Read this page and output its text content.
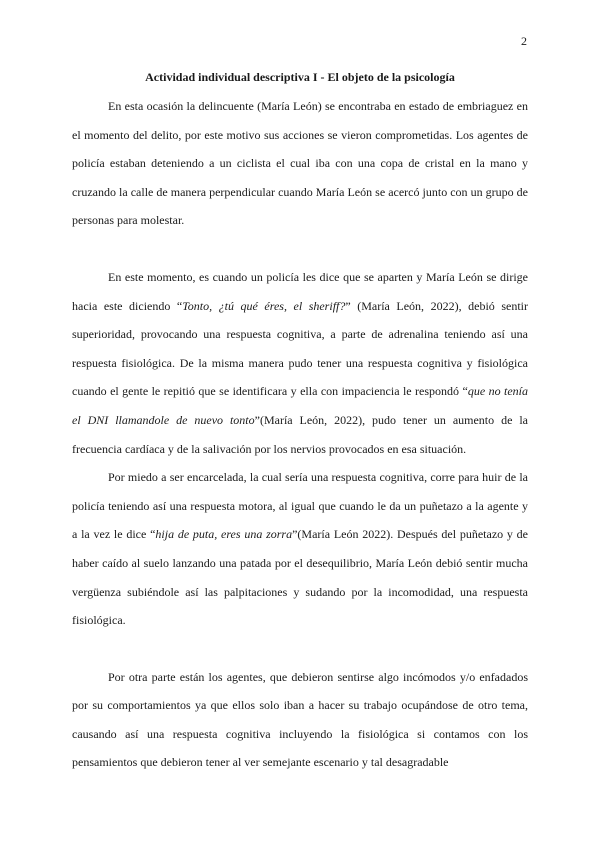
2

Actividad individual descriptiva I - El objeto de la psicología

En esta ocasión la delincuente (María León) se encontraba en estado de embriaguez en el momento del delito, por este motivo sus acciones se vieron comprometidas. Los agentes de policía estaban deteniendo a un ciclista el cual iba con una copa de cristal en la mano y cruzando la calle de manera perpendicular cuando María León se acercó junto con un grupo de personas para molestar.

En este momento, es cuando un policía les dice que se aparten y María León se dirige hacia este diciendo “Tonto, ¿tú qué éres, el sheriff?” (María León, 2022), debió sentir superioridad, provocando una respuesta cognitiva, a parte de adrenalina teniendo así una respuesta fisiológica. De la misma manera pudo tener una respuesta cognitiva y fisiológica cuando el gente le repitió que se identificara y ella con impaciencia le respondó “que no tenía el DNI llamandole de nuevo tonto”(María León, 2022), pudo tener un aumento de la frecuencia cardíaca y de la salivación por los nervios provocados en esa situación.

Por miedo a ser encarcelada, la cual sería una respuesta cognitiva, corre para huir de la policía teniendo así una respuesta motora, al igual que cuando le da un puñetazo a la agente y a la vez le dice “hija de puta, eres una zorra”(María León 2022). Después del puñetazo y de haber caído al suelo lanzando una patada por el desequilibrio, María León debió sentir mucha vergüenza subiéndole así las palpitaciones y sudando por la incomodidad, una respuesta fisiológica.

Por otra parte están los agentes, que debieron sentirse algo incómodos y/o enfadados por su comportamientos ya que ellos solo iban a hacer su trabajo ocupándose de otro tema, causando así una respuesta cognitiva incluyendo la fisiológica si contamos con los pensamientos que debieron tener al ver semejante escenario y tal desagradable
